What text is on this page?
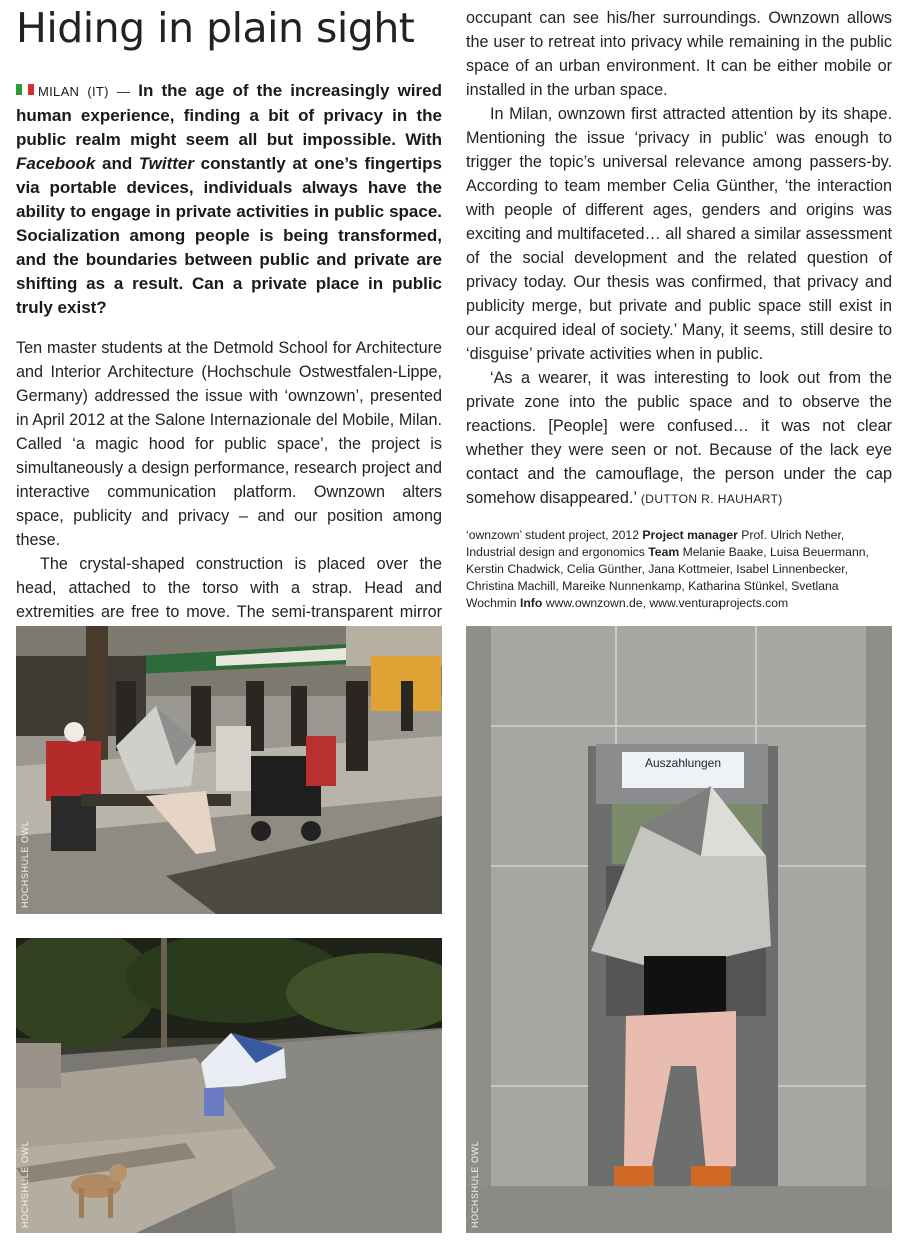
Hiding in plain sight

MILAN (IT) — In the age of the increasingly wired human experience, finding a bit of privacy in the public realm might seem all but impossible. With Facebook and Twitter constantly at one’s fingertips via portable devices, individuals always have the ability to engage in private activities in public space. Socialization among people is being transformed, and the boundaries between public and private are shifting as a result. Can a private place in public truly exist?

Ten master students at the Detmold School for Architecture and Interior Architecture (Hochschule Ostwestfalen-Lippe, Germany) addressed the issue with ‘ownzown’, presented in April 2012 at the Salone Internazionale del Mobile, Milan. Called ‘a magic hood for public space’, the project is simultaneously a design performance, research project and interactive communication platform. Ownzown alters space, publicity and privacy – and our position among these.

The crystal-shaped construction is placed over the head, attached to the torso with a strap. Head and extremities are free to move. The semi-transparent mirror

occupant can see his/her surroundings. Ownzown allows the user to retreat into privacy while remaining in the public space of an urban environment. It can be either mobile or installed in the urban space.

In Milan, ownzown first attracted attention by its shape. Mentioning the issue ‘privacy in public’ was enough to trigger the topic’s universal relevance among passers-by. According to team member Celia Günther, ‘the interaction with people of different ages, genders and origins was exciting and multifaceted… all shared a similar assessment of the social development and the related question of privacy today. Our thesis was confirmed, that privacy and publicity merge, but private and public space still exist in our acquired ideal of society.’ Many, it seems, still desire to ‘disguise’ private activities when in public.

‘As a wearer, it was interesting to look out from the private zone into the public space and to observe the reactions. [People] were confused… it was not clear whether they were seen or not. Because of the lack eye contact and the camouflage, the person under the cap somehow disappeared.’ (DUTTON R. HAUHART)

‘ownzown’ student project, 2012 Project manager Prof. Ulrich Nether, Industrial design and ergonomics Team Melanie Baake, Luisa Beuermann, Kerstin Chadwick, Celia Günther, Jana Kottmeier, Isabel Linnenbecker, Christina Machill, Mareike Nunnenkamp, Katharina Stünkel, Svetlana Wochmin Info www.ownzown.de, www.venturaprojects.com

HOCHSHULE OWL
HOCHSHULE OWL
Auszahlungen
HOCHSHULE OWL
